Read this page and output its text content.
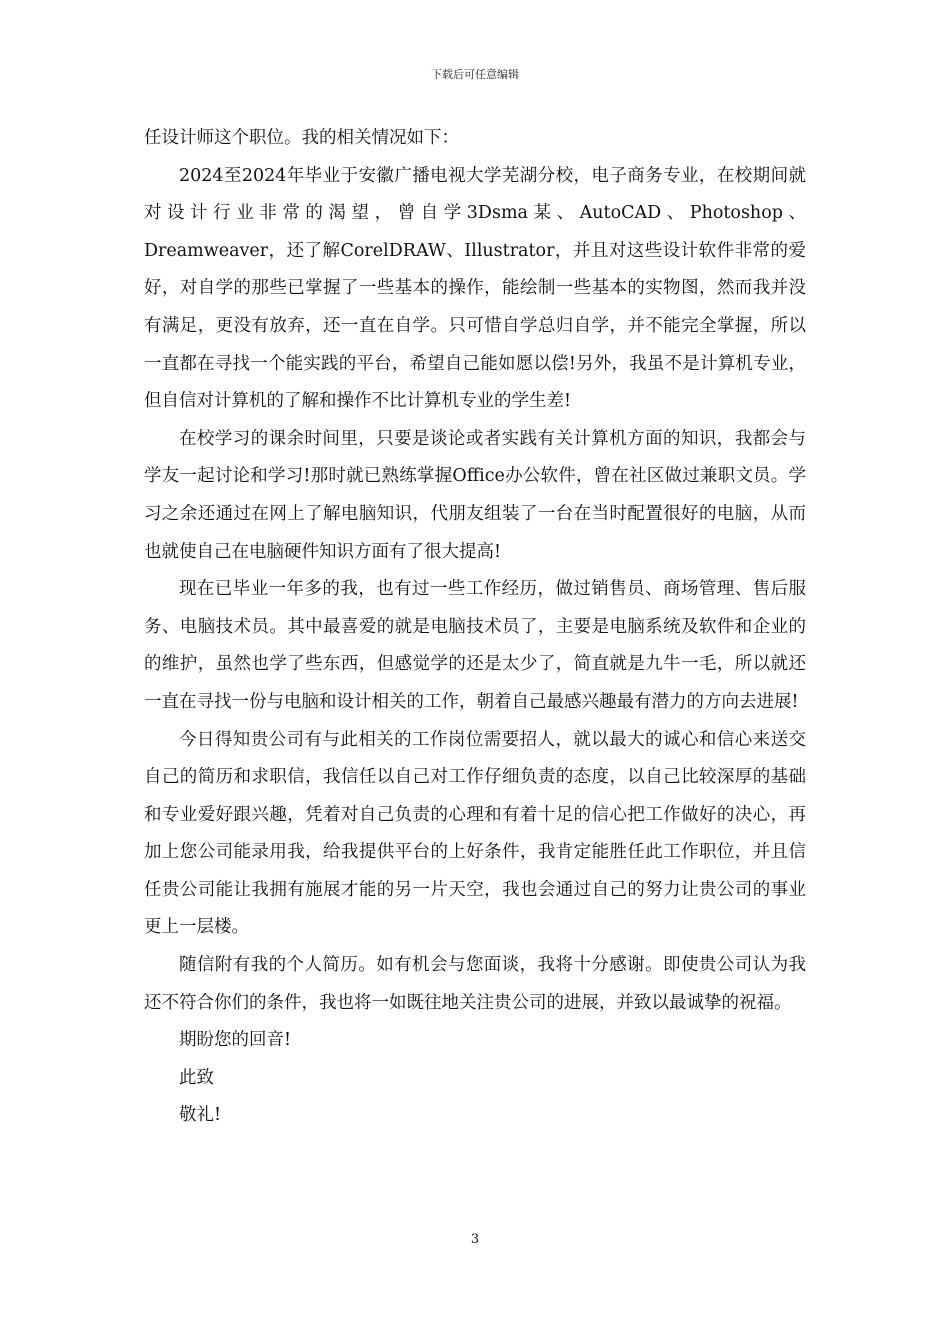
下载后可任意编辑

任设计师这个职位。我的相关情况如下：

2024至2024年毕业于安徽广播电视大学芜湖分校，电子商务专业，在校期间就对设计行业非常的渴望，曾自学3Dsma某、AutoCAD、Photoshop、Dreamweaver，还了解CorelDRAW、Illustrator，并且对这些设计软件非常的爱好，对自学的那些已掌握了一些基本的操作，能绘制一些基本的实物图，然而我并没有满足，更没有放弃，还一直在自学。只可惜自学总归自学，并不能完全掌握，所以一直都在寻找一个能实践的平台，希望自己能如愿以偿!另外，我虽不是计算机专业，但自信对计算机的了解和操作不比计算机专业的学生差!

在校学习的课余时间里，只要是谈论或者实践有关计算机方面的知识，我都会与学友一起讨论和学习!那时就已熟练掌握Office办公软件，曾在社区做过兼职文员。学习之余还通过在网上了解电脑知识，代朋友组装了一台在当时配置很好的电脑，从而也就使自己在电脑硬件知识方面有了很大提高!

现在已毕业一年多的我，也有过一些工作经历，做过销售员、商场管理、售后服务、电脑技术员。其中最喜爱的就是电脑技术员了，主要是电脑系统及软件和企业的的维护，虽然也学了些东西，但感觉学的还是太少了，简直就是九牛一毛，所以就还一直在寻找一份与电脑和设计相关的工作，朝着自己最感兴趣最有潜力的方向去进展!

今日得知贵公司有与此相关的工作岗位需要招人，就以最大的诚心和信心来送交自己的简历和求职信，我信任以自己对工作仔细负责的态度，以自己比较深厚的基础和专业爱好跟兴趣，凭着对自己负责的心理和有着十足的信心把工作做好的决心，再加上您公司能录用我，给我提供平台的上好条件，我肯定能胜任此工作职位，并且信任贵公司能让我拥有施展才能的另一片天空，我也会通过自己的努力让贵公司的事业更上一层楼。

随信附有我的个人简历。如有机会与您面谈，我将十分感谢。即使贵公司认为我还不符合你们的条件，我也将一如既往地关注贵公司的进展，并致以最诚挚的祝福。

期盼您的回音!

此致

敬礼!

3
